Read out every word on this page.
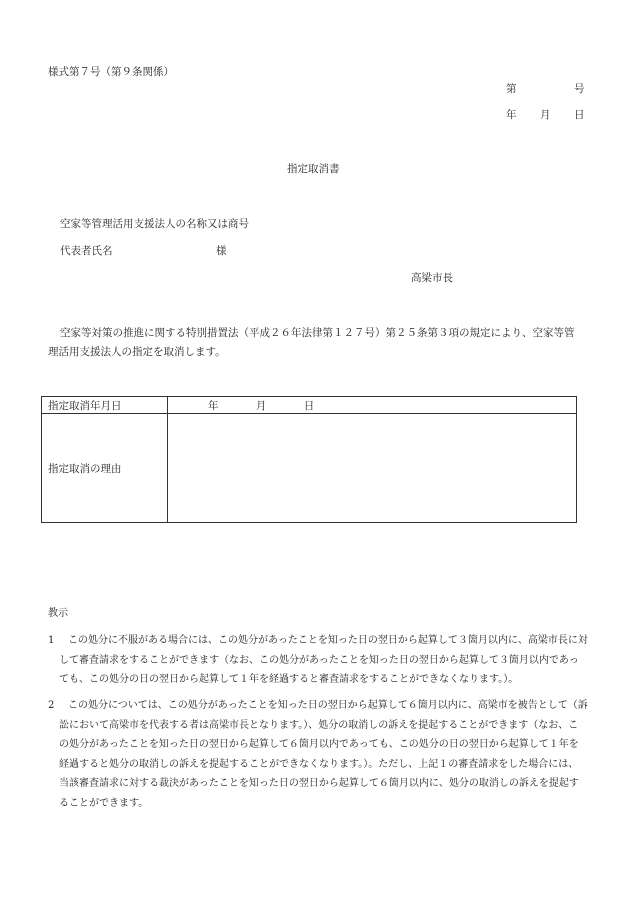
様式第７号（第９条関係）
第	号
年 月 日
指定取消書
空家等管理活用支援法人の名称又は商号
代表者氏名	様
高梁市長
空家等対策の推進に関する特別措置法（平成２６年法律第１２７号）第２５条第３項の規定により、空家等管理活用支援法人の指定を取消します。
指定取消年月日	年 月 日
指定取消の理由	
教示
1	この処分に不服がある場合には、この処分があったことを知った日の翌日から起算して３箇月以内に、高梁市長に対して審査請求をすることができます（なお、この処分があったことを知った日の翌日から起算して３箇月以内であっても、この処分の日の翌日から起算して１年を経過すると審査請求をすることができなくなります。）。
2	この処分については、この処分があったことを知った日の翌日から起算して６箇月以内に、高梁市を被告として（訴訟において高梁市を代表する者は高梁市長となります。）、処分の取消しの訴えを提起することができます（なお、この処分があったことを知った日の翌日から起算して６箇月以内であっても、この処分の日の翌日から起算して１年を経過すると処分の取消しの訴えを提起することができなくなります。）。ただし、上記１の審査請求をした場合には、当該審査請求に対する裁決があったことを知った日の翌日から起算して６箇月以内に、処分の取消しの訴えを提起することができます。
